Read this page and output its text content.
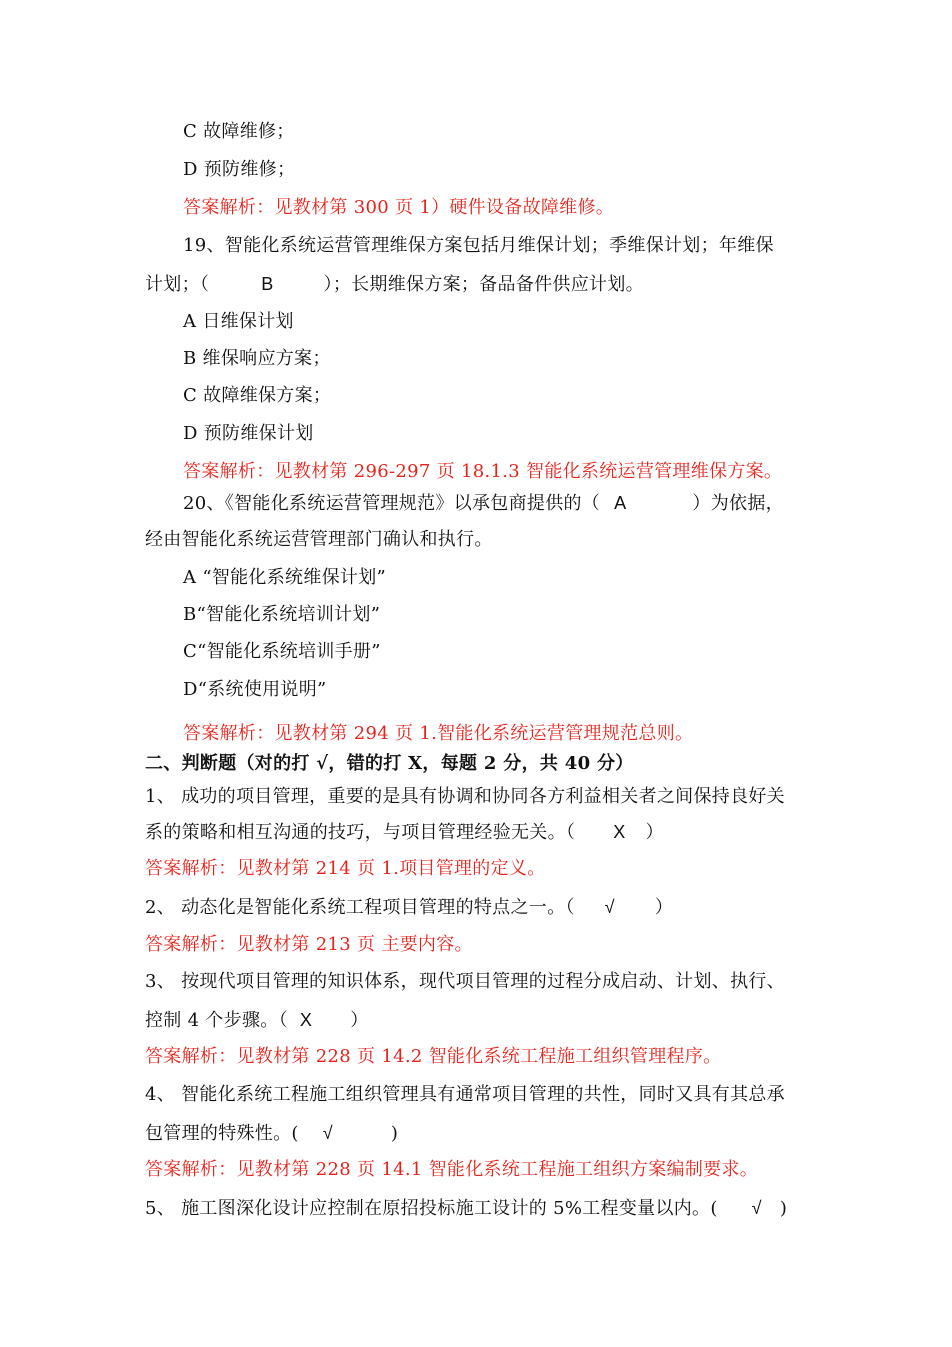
C 故障维修；
D 预防维修；
答案解析：见教材第 300 页 1）硬件设备故障维修。
19、智能化系统运营管理维保方案包括月维保计划；季维保计划；年维保
计划；（	B	）；长期维保方案；备品备件供应计划。
A 日维保计划
B 维保响应方案；
C 故障维保方案；
D 预防维保计划
答案解析：见教材第 296-297 页 18.1.3 智能化系统运营管理维保方案。
20、《智能化系统运营管理规范》以承包商提供的（ A	）为依据，
经由智能化系统运营管理部门确认和执行。
A “智能化系统维保计划”
B“智能化系统培训计划”
C“智能化系统培训手册”
D“系统使用说明”
答案解析：见教材第 294 页 1.智能化系统运营管理规范总则。
二、判断题（对的打 √，错的打 X，每题 2 分，共 40 分）
1、 成功的项目管理，重要的是具有协调和协同各方利益相关者之间保持良好关
系的策略和相互沟通的技巧，与项目管理经验无关。（ X ）
答案解析：见教材第 214 页 1.项目管理的定义。
2、 动态化是智能化系统工程项目管理的特点之一。（ √ ）
答案解析：见教材第 213 页 主要内容。
3、 按现代项目管理的知识体系，现代项目管理的过程分成启动、计划、执行、
控制 4 个步骤。（ X ）
答案解析：见教材第 228 页 14.2 智能化系统工程施工组织管理程序。
4、 智能化系统工程施工组织管理具有通常项目管理的共性，同时又具有其总承
包管理的特殊性。( √	)
答案解析：见教材第 228 页 14.1 智能化系统工程施工组织方案编制要求。
5、 施工图深化设计应控制在原招投标施工设计的 5%工程变量以内。( √ )
